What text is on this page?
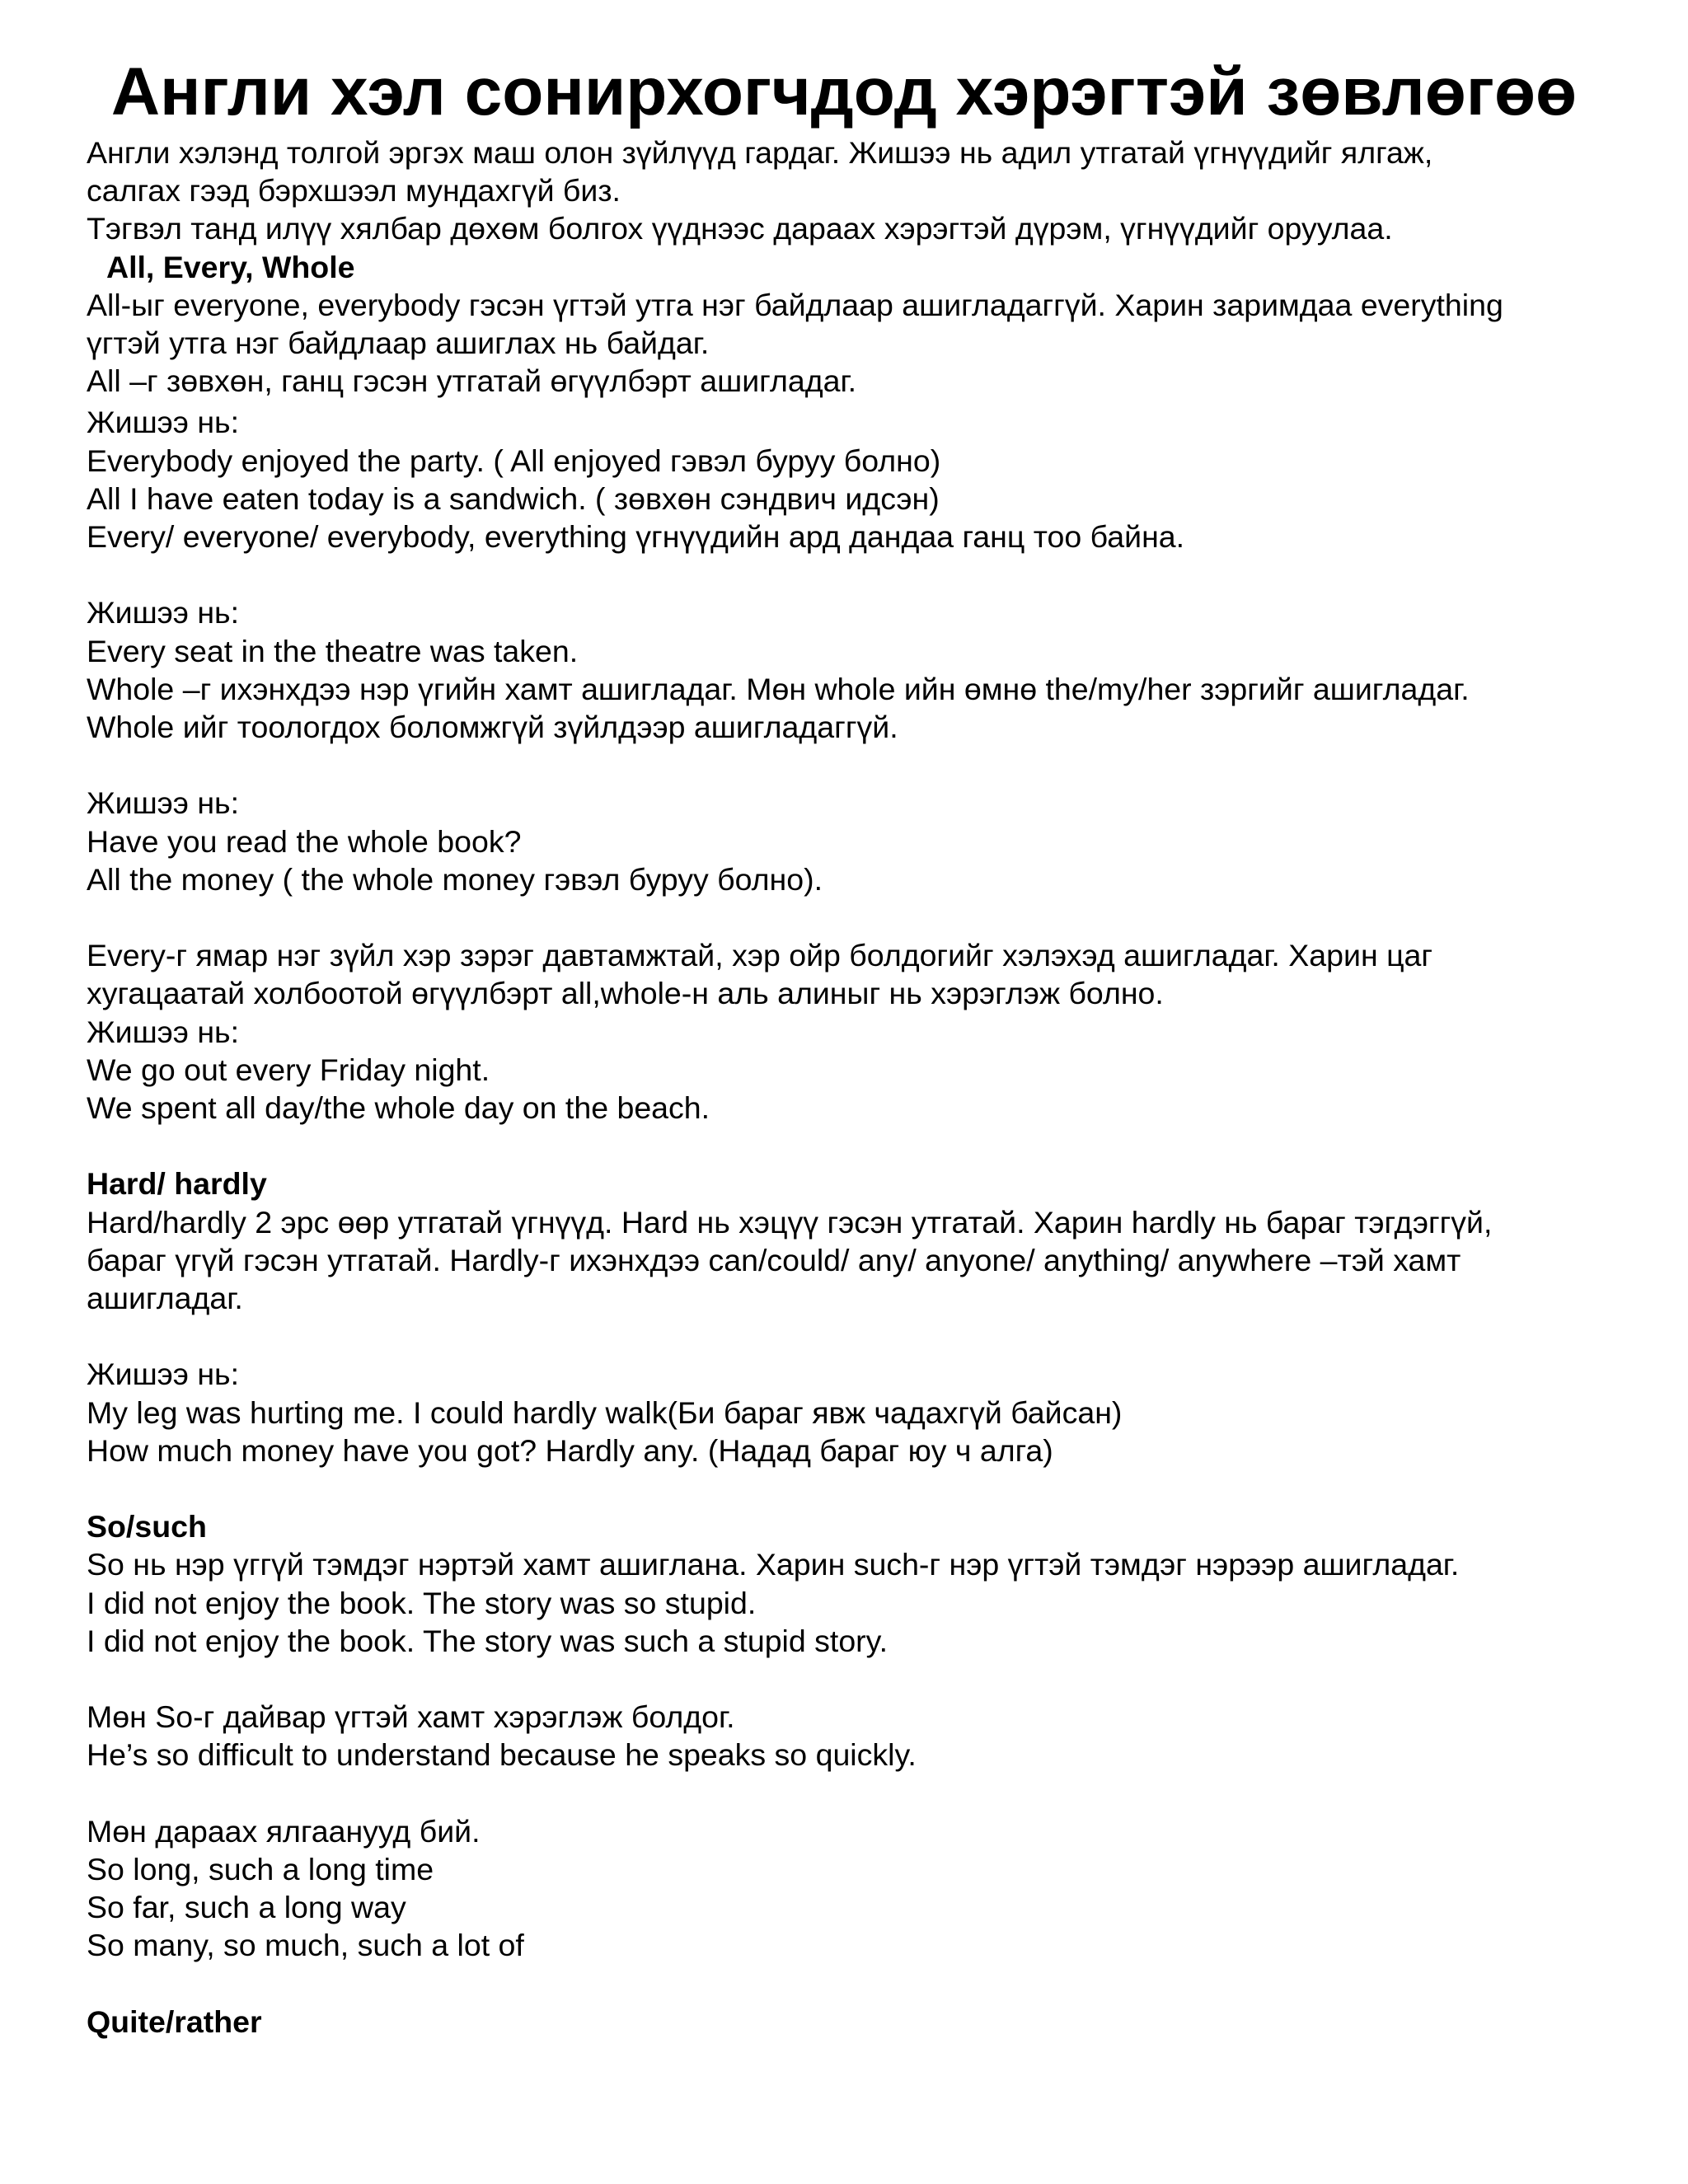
Англи хэл сонирхогчдод хэрэгтэй зөвлөгөө

Англи хэлэнд толгой эргэх маш олон зүйлүүд гардаг. Жишээ нь адил утгатай үгнүүдийг ялгаж,

салгах гээд бэрхшээл мундахгүй биз.

Тэгвэл танд илүү хялбар дөхөм болгох үүднээс дараах хэрэгтэй дүрэм, үгнүүдийг оруулаа.

All, Every, Whole

All-ыг everyone, everybody гэсэн үгтэй утга нэг байдлаар ашигладаггүй. Харин заримдаа everything

үгтэй утга нэг байдлаар ашиглах нь байдаг.

All –г зөвхөн, ганц гэсэн утгатай өгүүлбэрт ашигладаг.

Жишээ нь:

Everybody enjoyed the party. ( All enjoyed гэвэл буруу болно)

All I have eaten today is a sandwich. ( зөвхөн сэндвич идсэн)

Every/ everyone/ everybody, everything үгнүүдийн ард дандаа ганц тоо байна.

Жишээ нь:

Every seat in the theatre was taken.

Whole –г ихэнхдээ нэр үгийн хамт ашигладаг. Мөн whole ийн өмнө the/my/her зэргийг ашигладаг.

Whole ийг тоологдох боломжгүй зүйлдээр ашигладаггүй.

Жишээ нь:

Have you read the whole book?

All the money ( the whole money гэвэл буруу болно).

Every-г ямар нэг зүйл хэр зэрэг давтамжтай, хэр ойр болдогийг хэлэхэд ашигладаг. Харин цаг

хугацаатай холбоотой өгүүлбэрт all,whole-н аль алиныг нь хэрэглэж болно.

Жишээ нь:

We go out every Friday night.

We spent all day/the whole day on the beach.

Hard/ hardly

Hard/hardly 2 эрс өөр утгатай үгнүүд. Hard нь хэцүү гэсэн утгатай. Харин hardly нь бараг тэгдэггүй,

бараг үгүй гэсэн утгатай. Hardly-г ихэнхдээ can/could/ any/ anyone/ anything/ anywhere –тэй хамт

ашигладаг.

Жишээ нь:

My leg was hurting me. I could hardly walk(Би бараг явж чадахгүй байсан)

How much money have you got? Hardly any. (Надад бараг юу ч алга)

So/such

So нь нэр үггүй тэмдэг нэртэй хамт ашиглана. Харин such-г нэр үгтэй тэмдэг нэрээр ашигладаг.

I did not enjoy the book. The story was so stupid.

I did not enjoy the book. The story was such a stupid story.

Мөн So-г дайвар үгтэй хамт хэрэглэж болдог.

He’s so difficult to understand because he speaks so quickly.

Мөн дараах ялгаанууд бий.

So long, such a long time

So far, such a long way

So many, so much, such a lot of

Quite/rather
